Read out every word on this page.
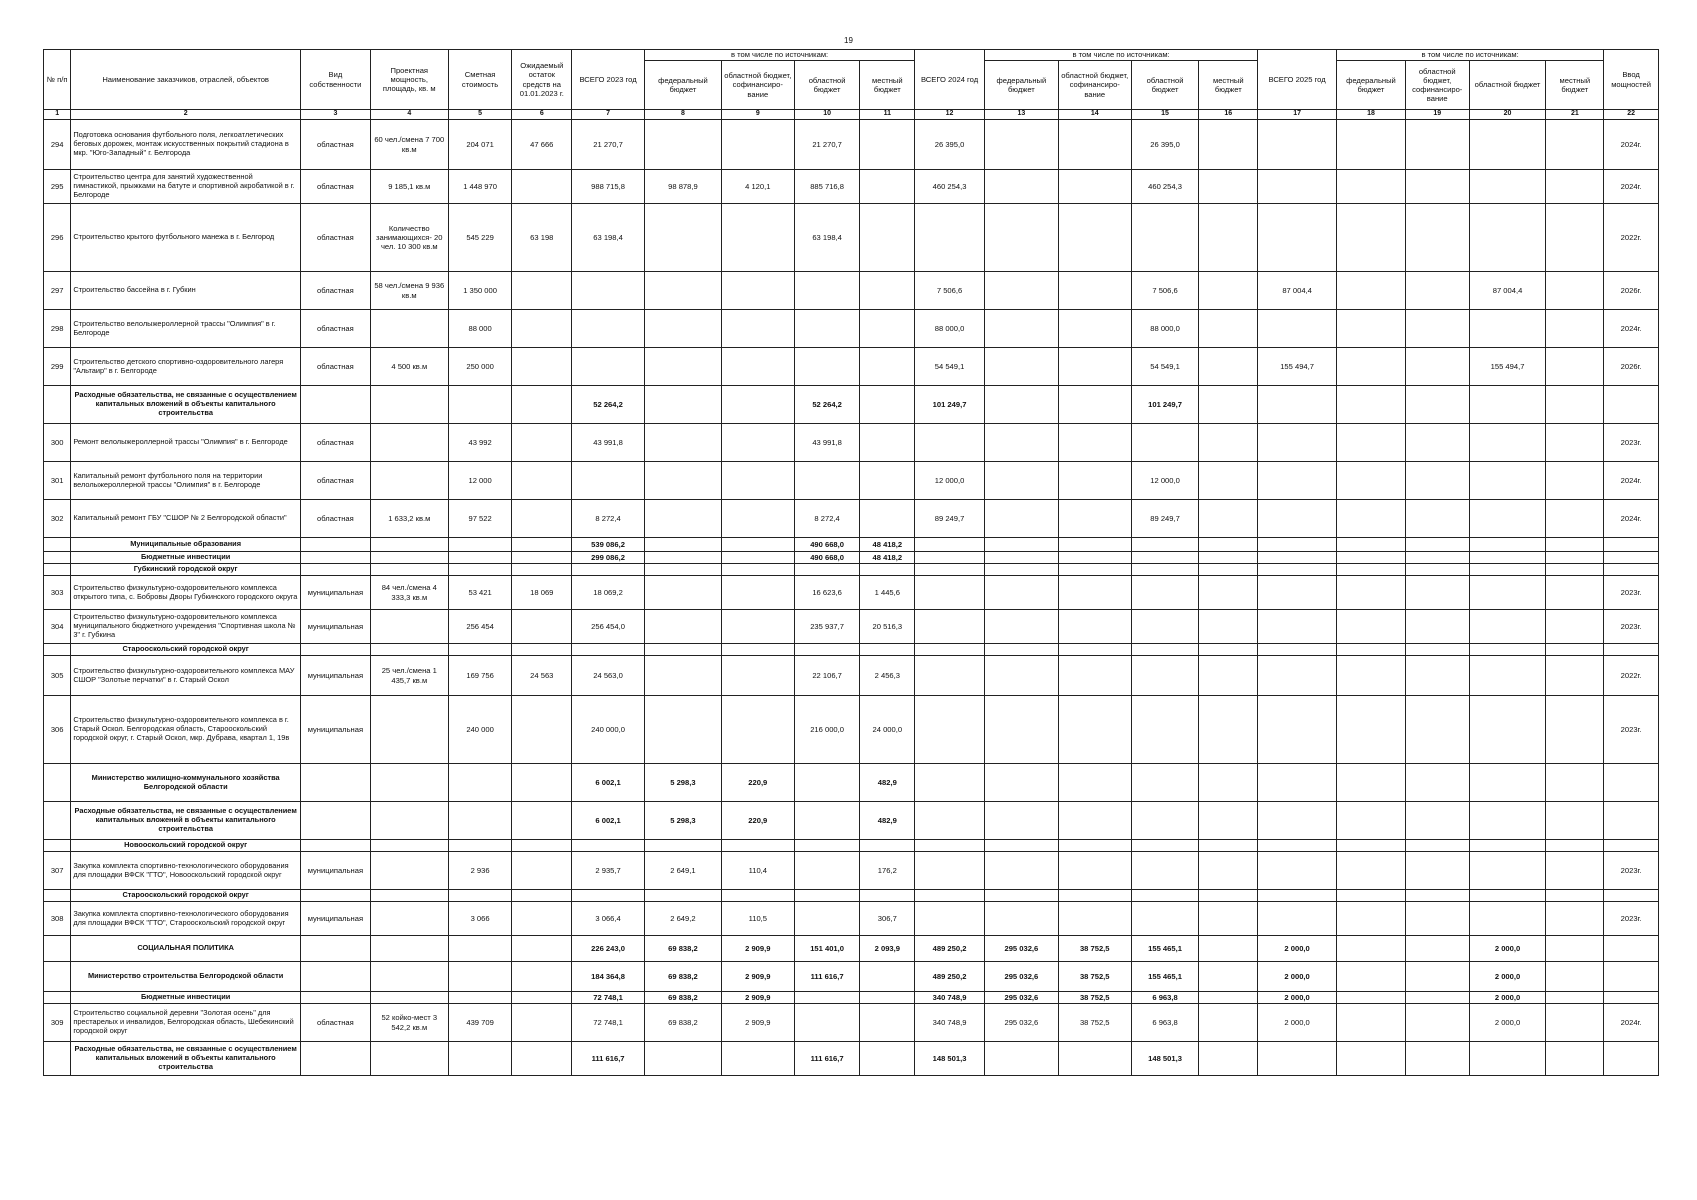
19
№ п/п	Наименование заказчиков, отраслей, объектов	Вид собственности	Проектная мощность, площадь, кв. м	Сметная стоимость	Ожидаемый остаток средств на 01.01.2023 г.	ВСЕГО 2023 год	в том числе по источникам:				ВСЕГО 2024 год	в том числе по источникам:				ВСЕГО 2025 год	в том числе по источникам:				Ввод мощностей
							федеральный бюджет	областной бюджет, софинансиро-вание	областной бюджет	местный бюджет		федеральный бюджет	областной бюджет, софинансиро-вание	областной бюджет	местный бюджет		федеральный бюджет	областной бюджет, софинансиро-вание	областной бюджет	местный бюджет	
1	2	3	4	5	6	7	8	9	10	11	12	13	14	15	16	17	18	19	20	21	22
294	Подготовка основания футбольного поля, легкоатлетических беговых дорожек, монтаж искусственных покрытий стадиона в мкр. "Юго-Западный" г. Белгорода	областная	60 чел./смена 7 700 кв.м	204 071	47 666	21 270,7			21 270,7		26 395,0			26 395,0							2024г.
295	Строительство центра для занятий художественной гимнастикой, прыжками на батуте и спортивной акробатикой в г. Белгороде	областная	9 185,1 кв.м	1 448 970		988 715,8	98 878,9	4 120,1	885 716,8		460 254,3			460 254,3							2024г.
296	Строительство крытого футбольного манежа в г. Белгород	областная	Количество занимающихся- 20 чел. 10 300 кв.м	545 229	63 198	63 198,4			63 198,4												2022г.
297	Строительство бассейна в г. Губкин	областная	58 чел./смена 9 936 кв.м	1 350 000							7 506,6			7 506,6		87 004,4			87 004,4		2026г.
298	Строительство велолыжероллерной трассы "Олимпия" в г. Белгороде	областная		88 000							88 000,0			88 000,0							2024г.
299	Строительство детского спортивно-оздоровительного лагеря "Альтаир" в г. Белгороде	областная	4 500 кв.м	250 000							54 549,1			54 549,1		155 494,7			155 494,7		2026г.
	Расходные обязательства, не связанные с осуществлением капитальных вложений в объекты капитального строительства					52 264,2			52 264,2		101 249,7			101 249,7							
300	Ремонт велолыжероллерной трассы "Олимпия" в г. Белгороде	областная		43 992		43 991,8			43 991,8												2023г.
301	Капитальный ремонт футбольного поля на территории велолыжероллерной трассы "Олимпия" в г. Белгороде	областная		12 000							12 000,0			12 000,0							2024г.
302	Капитальный ремонт ГБУ "СШОР № 2 Белгородской области"	областная	1 633,2 кв.м	97 522		8 272,4			8 272,4		89 249,7			89 249,7							2024г.
	Муниципальные образования					539 086,2			490 668,0	48 418,2											
	Бюджетные инвестиции					299 086,2			490 668,0	48 418,2											
	Губкинский городской округ																				
303	Строительство физкультурно-оздоровительного комплекса открытого типа, с. Бобровы Дворы Губкинского городского округа	муниципальная	84 чел./смена 4 333,3 кв.м	53 421	18 069	18 069,2			16 623,6	1 445,6											2023г.
304	Строительство физкультурно-оздоровительного комплекса муниципального бюджетного учреждения "Спортивная школа № 3" г. Губкина	муниципальная		256 454		256 454,0			235 937,7	20 516,3											2023г.
	Старооскольский городской округ																				
305	Строительство физкультурно-оздоровительного комплекса МАУ СШОР "Золотые перчатки" в г. Старый Оскол	муниципальная	25 чел./смена 1 435,7 кв.м	169 756	24 563	24 563,0			22 106,7	2 456,3											2022г.
306	Строительство физкультурно-оздоровительного комплекса в г. Старый Оскол. Белгородская область, Старооскольский городской округ, г. Старый Оскол, мкр. Дубрава, квартал 1, 19в	муниципальная		240 000		240 000,0			216 000,0	24 000,0											2023г.
	Министерство жилищно-коммунального хозяйства Белгородской области					6 002,1	5 298,3	220,9		482,9											
	Расходные обязательства, не связанные с осуществлением капитальных вложений в объекты капитального строительства					6 002,1	5 298,3	220,9		482,9											
	Новооскольский городской округ																				
307	Закупка комплекта спортивно-технологического оборудования для площадки ВФСК "ГТО", Новооскольский городской округ	муниципальная		2 936		2 935,7	2 649,1	110,4		176,2											2023г.
	Старооскольский городской округ																				
308	Закупка комплекта спортивно-технологического оборудования для площадки ВФСК "ГТО", Старооскольский городской округ	муниципальная		3 066		3 066,4	2 649,2	110,5		306,7											2023г.
	СОЦИАЛЬНАЯ ПОЛИТИКА					226 243,0	69 838,2	2 909,9	151 401,0	2 093,9	489 250,2	295 032,6	38 752,5	155 465,1		2 000,0			2 000,0		
	Министерство строительства Белгородской области					184 364,8	69 838,2	2 909,9	111 616,7		489 250,2	295 032,6	38 752,5	155 465,1		2 000,0			2 000,0		
	Бюджетные инвестиции					72 748,1	69 838,2	2 909,9			340 748,9	295 032,6	38 752,5	6 963,8		2 000,0			2 000,0		
309	Строительство социальной деревни "Золотая осень" для престарелых и инвалидов, Белгородская область, Шебекинский городской округ	областная	52 койко-мест 3 542,2 кв.м	439 709		72 748,1	69 838,2	2 909,9			340 748,9	295 032,6	38 752,5	6 963,8		2 000,0			2 000,0		2024г.
	Расходные обязательства, не связанные с осуществлением капитальных вложений в объекты капитального строительства					111 616,7			111 616,7		148 501,3			148 501,3							
